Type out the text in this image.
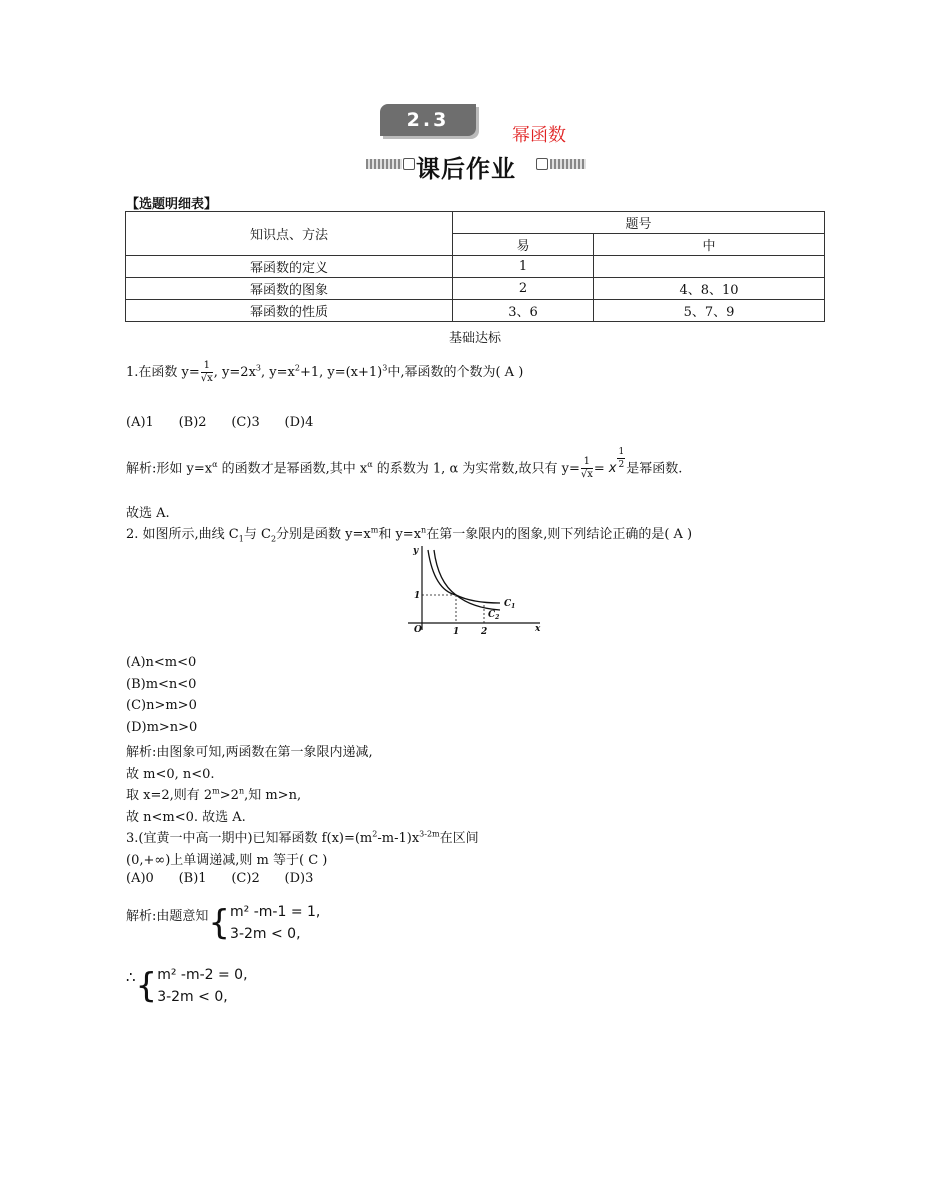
2.3
幂函数
课后作业
【选题明细表】
知识点、方法	题号	
	易	中
幂函数的定义	1	
幂函数的图象	2	4、8、10
幂函数的性质	3、6	5、7、9
基础达标
1.在函数 $y= \frac{1}{√x}$ , $y=2x^3$, $y=x^2+1$, $y=(x+1)^3$中,幂函数的个数为( A )
(A)1      (B)2      (C)3      (D)4
解析:形如 $y=x^\alpha$ 的函数才是幂函数,其中 $x^\alpha$ 的系数为 1, α 为实常数,故只有 $y= \frac{1}{√x} = x \frac{1}{2}$ 是幂函数.
故选 A.
2. 如图所示,曲线 $C_1$与 $C_2$分别是函数 $y=x^m$和 $y=x^n$在第一象限内的图象,则下列结论正确的是( A )
y
x
O
1
1 2
$C_1$
$C_2$
(A)n<m<0
(B)m<n<0
(C)n>m>0
(D)m>n>0
解析:由图象可知,两函数在第一象限内递减,
故 m<0, n<0.
取 x=2,则有 $2^m>2^n$,知 m>n,
故 n<m<0. 故选 A.
3.(宜黄一中高一期中)已知幂函数 $f(x)=(m^2-m-1)x^{3-2m}$在区间
(0,+∞)上单调递减,则 m 等于( C )
(A)0      (B)1      (C)2      (D)3
解析:由题意知{ m² -m-1 = 1,
3-2m < 0,
∴{ m² -m-2 = 0,
3-2m < 0,
